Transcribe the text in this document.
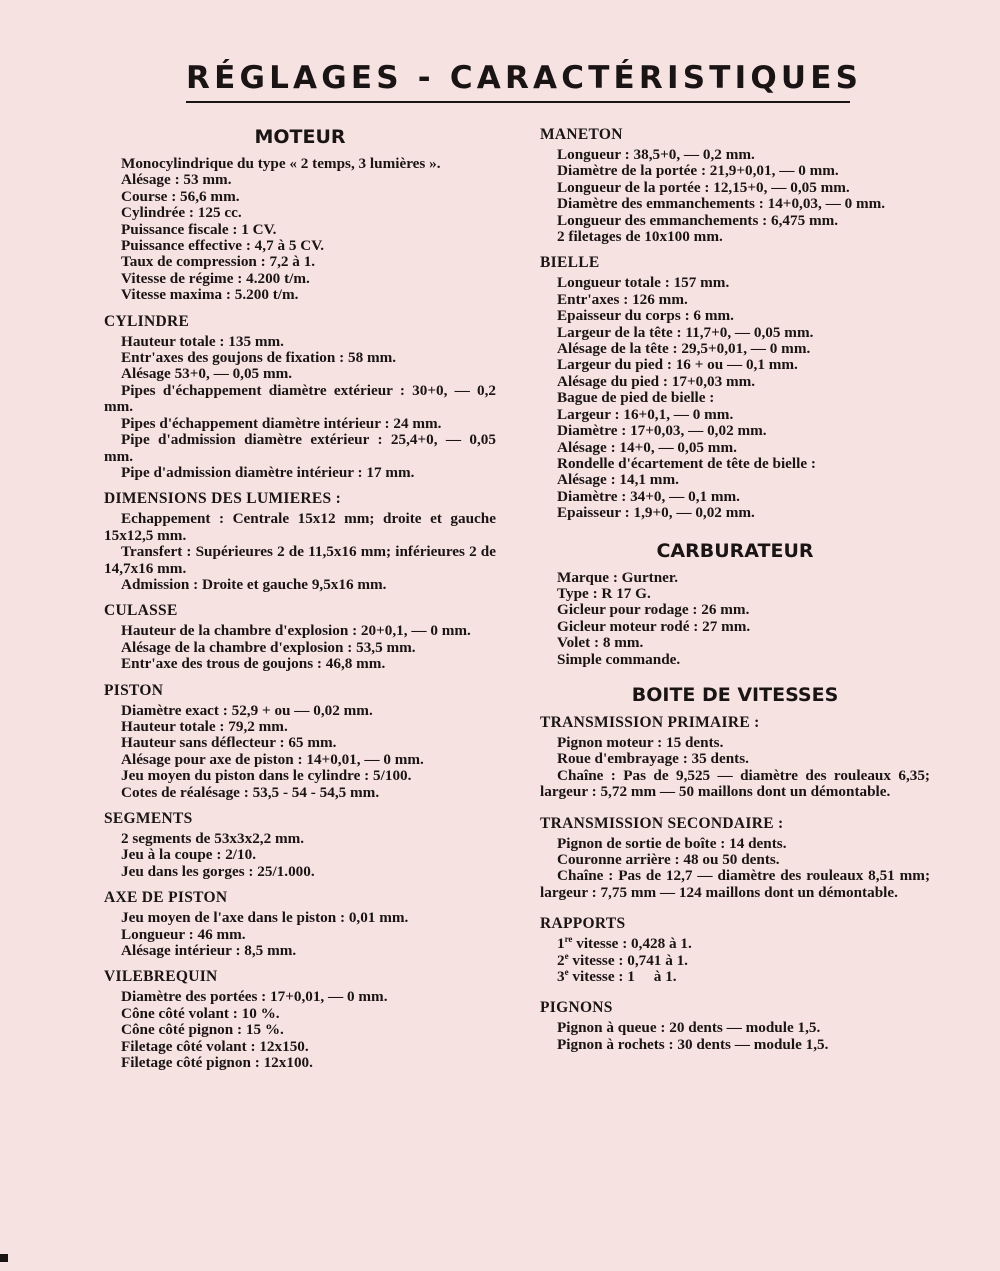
RÉGLAGES - CARACTÉRISTIQUES
MOTEUR

Monocylindrique du type « 2 temps, 3 lumières ».

Alésage : 53 mm.

Course : 56,6 mm.

Cylindrée : 125 cc.

Puissance fiscale : 1 CV.

Puissance effective : 4,7 à 5 CV.

Taux de compression : 7,2 à 1.

Vitesse de régime : 4.200 t/m.

Vitesse maxima : 5.200 t/m.

CYLINDRE

Hauteur totale : 135 mm.

Entr'axes des goujons de fixation : 58 mm.

Alésage 53+0, — 0,05 mm.

Pipes d'échappement diamètre extérieur : 30+0, — 0,2 mm.

Pipes d'échappement diamètre intérieur : 24 mm.

Pipe d'admission diamètre extérieur : 25,4+0, — 0,05 mm.

Pipe d'admission diamètre intérieur : 17 mm.

DIMENSIONS DES LUMIERES :

Echappement : Centrale 15x12 mm; droite et gauche 15x12,5 mm.

Transfert : Supérieures 2 de 11,5x16 mm; inférieures 2 de 14,7x16 mm.

Admission : Droite et gauche 9,5x16 mm.

CULASSE

Hauteur de la chambre d'explosion : 20+0,1, — 0 mm.

Alésage de la chambre d'explosion : 53,5 mm.

Entr'axe des trous de goujons : 46,8 mm.

PISTON

Diamètre exact : 52,9 + ou — 0,02 mm.

Hauteur totale : 79,2 mm.

Hauteur sans déflecteur : 65 mm.

Alésage pour axe de piston : 14+0,01, — 0 mm.

Jeu moyen du piston dans le cylindre : 5/100.

Cotes de réalésage : 53,5 - 54 - 54,5 mm.

SEGMENTS

2 segments de 53x3x2,2 mm.

Jeu à la coupe : 2/10.

Jeu dans les gorges : 25/1.000.

AXE DE PISTON

Jeu moyen de l'axe dans le piston : 0,01 mm.

Longueur : 46 mm.

Alésage intérieur : 8,5 mm.

VILEBREQUIN

Diamètre des portées : 17+0,01, — 0 mm.

Cône côté volant : 10 %.

Cône côté pignon : 15 %.

Filetage côté volant : 12x150.

Filetage côté pignon : 12x100.

MANETON

Longueur : 38,5+0, — 0,2 mm.

Diamètre de la portée : 21,9+0,01, — 0 mm.

Longueur de la portée : 12,15+0, — 0,05 mm.

Diamètre des emmanchements : 14+0,03, — 0 mm.

Longueur des emmanchements : 6,475 mm.

2 filetages de 10x100 mm.

BIELLE

Longueur totale : 157 mm.

Entr'axes : 126 mm.

Epaisseur du corps : 6 mm.

Largeur de la tête : 11,7+0, — 0,05 mm.

Alésage de la tête : 29,5+0,01, — 0 mm.

Largeur du pied : 16 + ou — 0,1 mm.

Alésage du pied : 17+0,03 mm.

Bague de pied de bielle :

Largeur : 16+0,1, — 0 mm.

Diamètre : 17+0,03, — 0,02 mm.

Alésage : 14+0, — 0,05 mm.

Rondelle d'écartement de tête de bielle :

Alésage : 14,1 mm.

Diamètre : 34+0, — 0,1 mm.

Epaisseur : 1,9+0, — 0,02 mm.

CARBURATEUR

Marque : Gurtner.

Type : R 17 G.

Gicleur pour rodage : 26 mm.

Gicleur moteur rodé : 27 mm.

Volet : 8 mm.

Simple commande.

BOITE DE VITESSES
TRANSMISSION PRIMAIRE :

Pignon moteur : 15 dents.

Roue d'embrayage : 35 dents.

Chaîne : Pas de 9,525 — diamètre des rouleaux 6,35; largeur : 5,72 mm — 50 maillons dont un démontable.

TRANSMISSION SECONDAIRE :

Pignon de sortie de boîte : 14 dents.

Couronne arrière : 48 ou 50 dents.

Chaîne : Pas de 12,7 — diamètre des rouleaux 8,51 mm; largeur : 7,75 mm — 124 maillons dont un démontable.

RAPPORTS

1re vitesse : 0,428 à 1.

2e vitesse : 0,741 à 1.

3e vitesse : 1     à 1.

PIGNONS

Pignon à queue : 20 dents — module 1,5.

Pignon à rochets : 30 dents — module 1,5.
